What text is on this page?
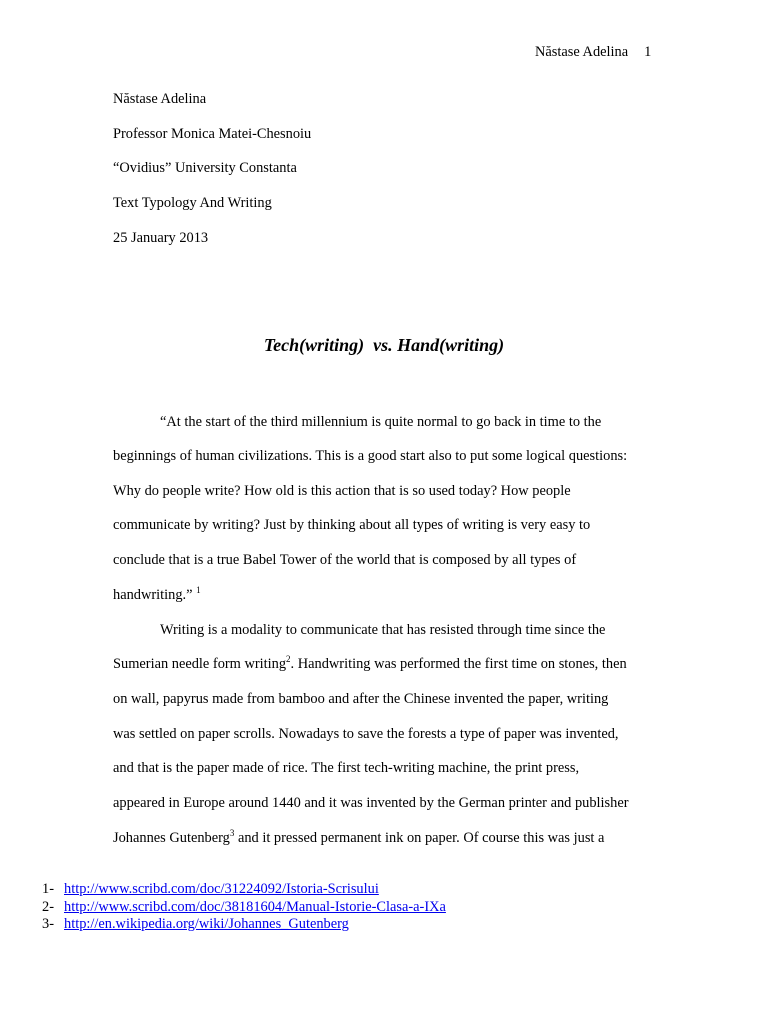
Năstase Adelina 1
Năstase Adelina
Professor Monica Matei-Chesnoiu
“Ovidius” University Constanta
Text Typology And Writing
25 January 2013
Tech(writing)  vs. Hand(writing)
“At the start of the third millennium is quite normal to go back in time to the
beginnings of human civilizations. This is a good start also to put some logical questions:
Why do people write? How old is this action that is so used today? How people
communicate by writing? Just by thinking about all types of writing is very easy to
conclude that is a true Babel Tower of the world that is composed by all types of
handwriting.” $^1$
Writing is a modality to communicate that has resisted through time since the
Sumerian needle form writing$^2$. Handwriting was performed the first time on stones, then
on wall, papyrus made from bamboo and after the Chinese invented the paper, writing
was settled on paper scrolls. Nowadays to save the forests a type of paper was invented,
and that is the paper made of rice. The first tech-writing machine, the print press,
appeared in Europe around 1440 and it was invented by the German printer and publisher
Johannes Gutenberg$^3$ and it pressed permanent ink on paper. Of course this was just a
1- http://www.scribd.com/doc/31224092/Istoria-Scrisului
2- http://www.scribd.com/doc/38181604/Manual-Istorie-Clasa-a-IXa
3- http://en.wikipedia.org/wiki/Johannes_Gutenberg
